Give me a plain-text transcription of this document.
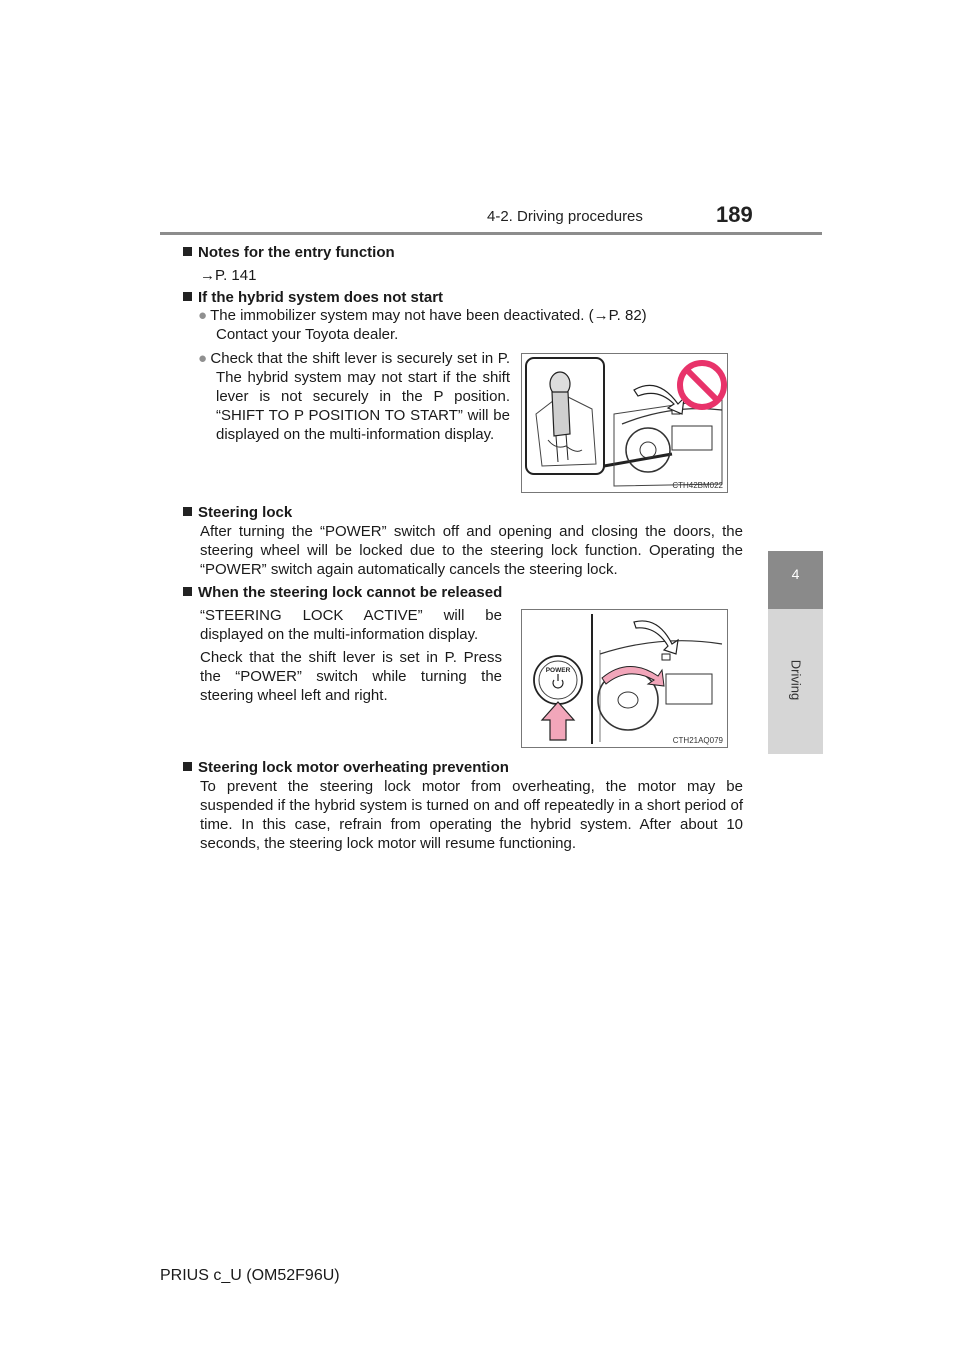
4-2. Driving procedures	189
4
Driving
Notes for the entry function
→P. 141
If the hybrid system does not start
● The immobilizer system may not have been deactivated. (→P. 82)
Contact your Toyota dealer.
● Check that the shift lever is securely set in P. The hybrid system may not start if the shift lever is not securely in the P position. “SHIFT TO P POSITION TO START” will be displayed on the multi-information display.
CTH42BM022
Steering lock
After turning the “POWER” switch off and opening and closing the doors, the steering wheel will be locked due to the steering lock function. Operating the “POWER” switch again automatically cancels the steering lock.
When the steering lock cannot be released
“STEERING LOCK ACTIVE” will be displayed on the multi-information display.
Check that the shift lever is set in P. Press the “POWER” switch while turning the steering wheel left and right.
POWER
CTH21AQ079
Steering lock motor overheating prevention
To prevent the steering lock motor from overheating, the motor may be suspended if the hybrid system is turned on and off repeatedly in a short period of time. In this case, refrain from operating the hybrid system. After about 10 seconds, the steering lock motor will resume functioning.
PRIUS c_U (OM52F96U)
